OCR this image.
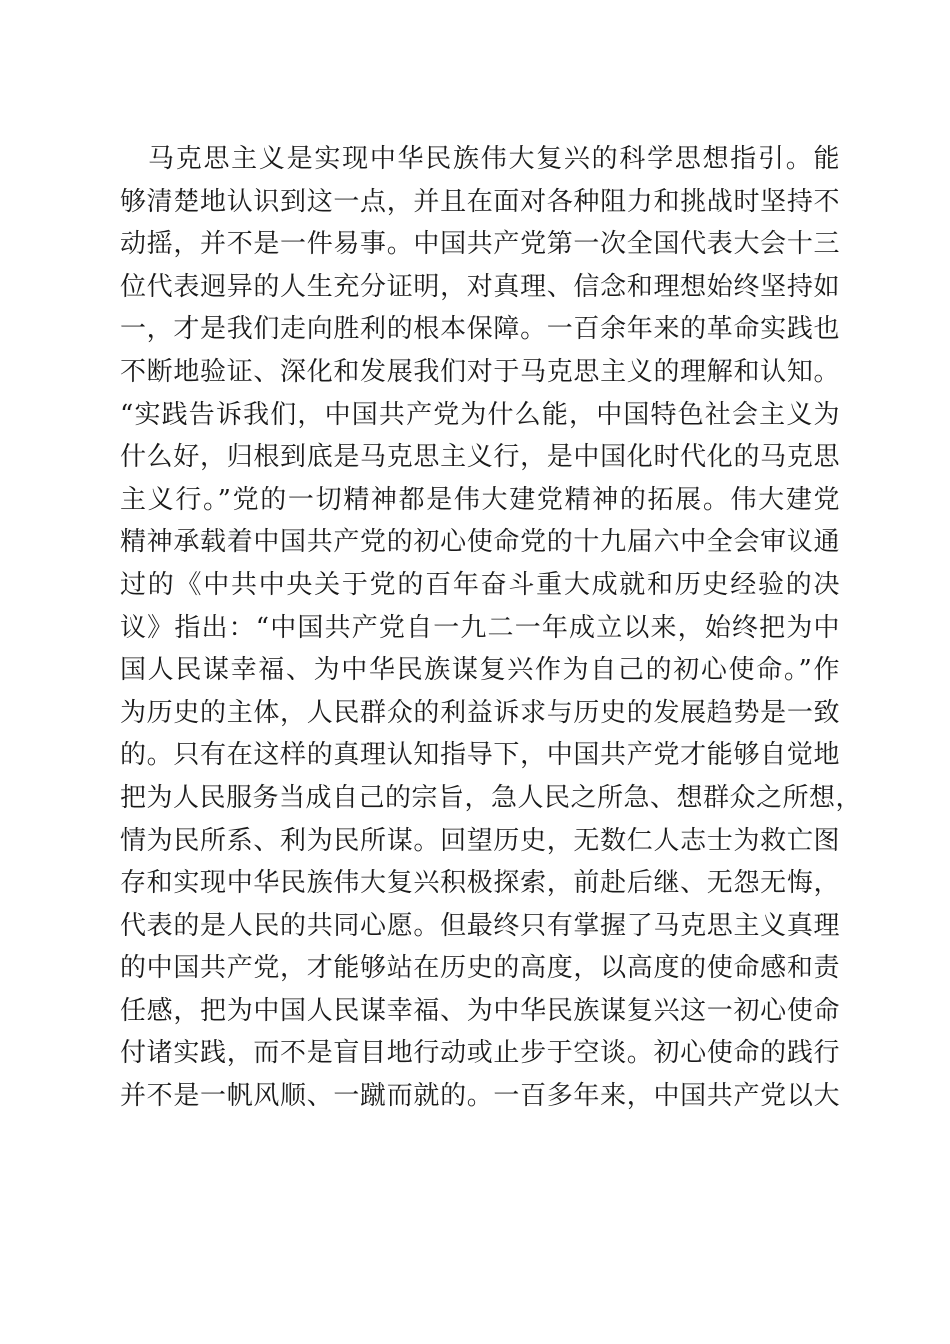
马克思主义是实现中华民族伟大复兴的科学思想指引。能
够清楚地认识到这一点，并且在面对各种阻力和挑战时坚持不
动摇，并不是一件易事。中国共产党第一次全国代表大会十三
位代表迥异的人生充分证明，对真理、信念和理想始终坚持如
一，才是我们走向胜利的根本保障。一百余年来的革命实践也
不断地验证、深化和发展我们对于马克思主义的理解和认知。
“实践告诉我们，中国共产党为什么能，中国特色社会主义为
什么好，归根到底是马克思主义行，是中国化时代化的马克思
主义行。”党的一切精神都是伟大建党精神的拓展。伟大建党
精神承载着中国共产党的初心使命党的十九届六中全会审议通
过的《中共中央关于党的百年奋斗重大成就和历史经验的决
议》指出：“中国共产党自一九二一年成立以来，始终把为中
国人民谋幸福、为中华民族谋复兴作为自己的初心使命。”作
为历史的主体，人民群众的利益诉求与历史的发展趋势是一致
的。只有在这样的真理认知指导下，中国共产党才能够自觉地
把为人民服务当成自己的宗旨，急人民之所急、想群众之所想，
情为民所系、利为民所谋。回望历史，无数仁人志士为救亡图
存和实现中华民族伟大复兴积极探索，前赴后继、无怨无悔，
代表的是人民的共同心愿。但最终只有掌握了马克思主义真理
的中国共产党，才能够站在历史的高度，以高度的使命感和责
任感，把为中国人民谋幸福、为中华民族谋复兴这一初心使命
付诸实践，而不是盲目地行动或止步于空谈。初心使命的践行
并不是一帆风顺、一蹴而就的。一百多年来，中国共产党以大
